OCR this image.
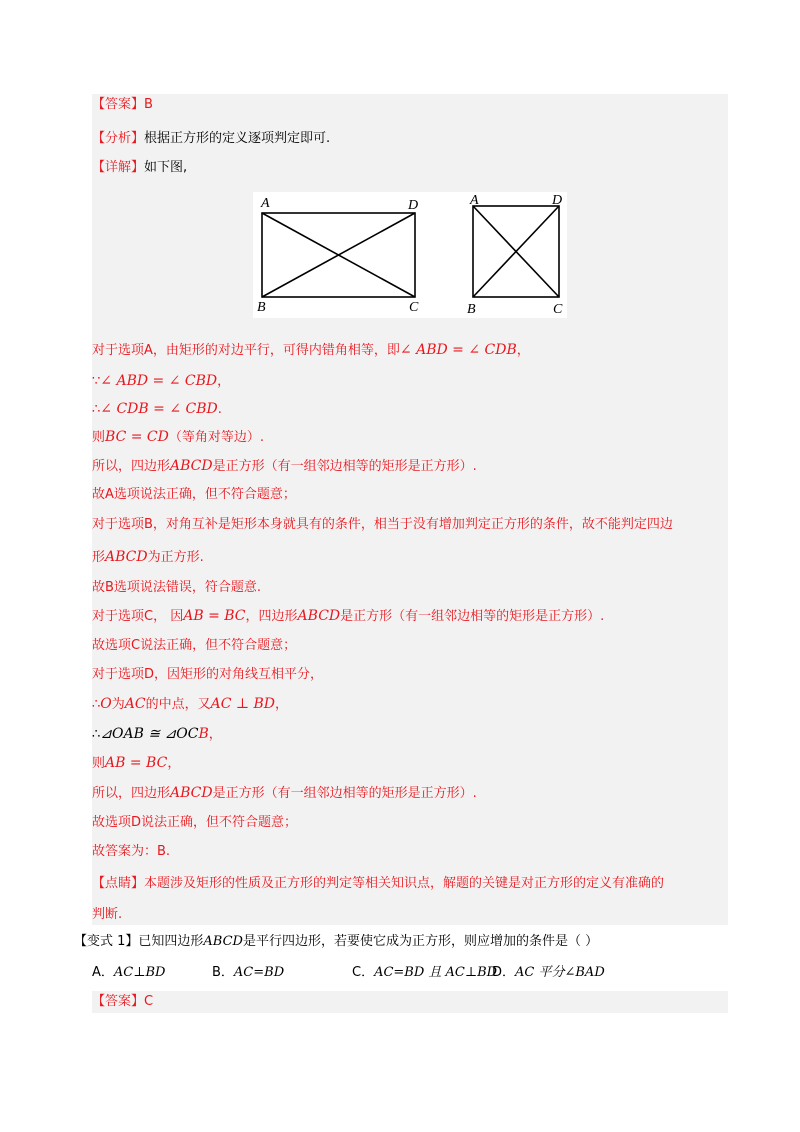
【答案】B
【分析】根据正方形的定义逐项判定即可.
【详解】如下图,
对于选项A，由矩形的对边平行，可得内错角相等，即∠ ABD = ∠ CDB，
∵∠ ABD = ∠ CBD，
∴∠ CDB = ∠ CBD.
则BC = CD（等角对等边）.
所以，四边形ABCD是正方形（有一组邻边相等的矩形是正方形）.
故A选项说法正确，但不符合题意；
对于选项B，对角互补是矩形本身就具有的条件，相当于没有增加判定正方形的条件，故不能判定四边
形ABCD为正方形.
故B选项说法错误，符合题意.
对于选项C， 因AB = BC，四边形ABCD是正方形（有一组邻边相等的矩形是正方形）.
故选项C说法正确，但不符合题意；
对于选项D，因矩形的对角线互相平分，
∴O为AC的中点，又AC ⊥ BD，
∴⊿OAB ≅ ⊿OCB，
则AB = BC，
所以，四边形ABCD是正方形（有一组邻边相等的矩形是正方形）.
故选项D说法正确，但不符合题意；
故答案为：B.
【点睛】本题涉及矩形的性质及正方形的判定等相关知识点，解题的关键是对正方形的定义有准确的
判断.
A	D
B	C
A	D
B	C
【变式 1】已知四边形ABCD是平行四边形，若要使它成为正方形，则应增加的条件是（ ）
A．AC⊥BD	B．AC=BD	C．AC=BD 且 AC⊥BDD．AC 平分∠BAD
【答案】C
